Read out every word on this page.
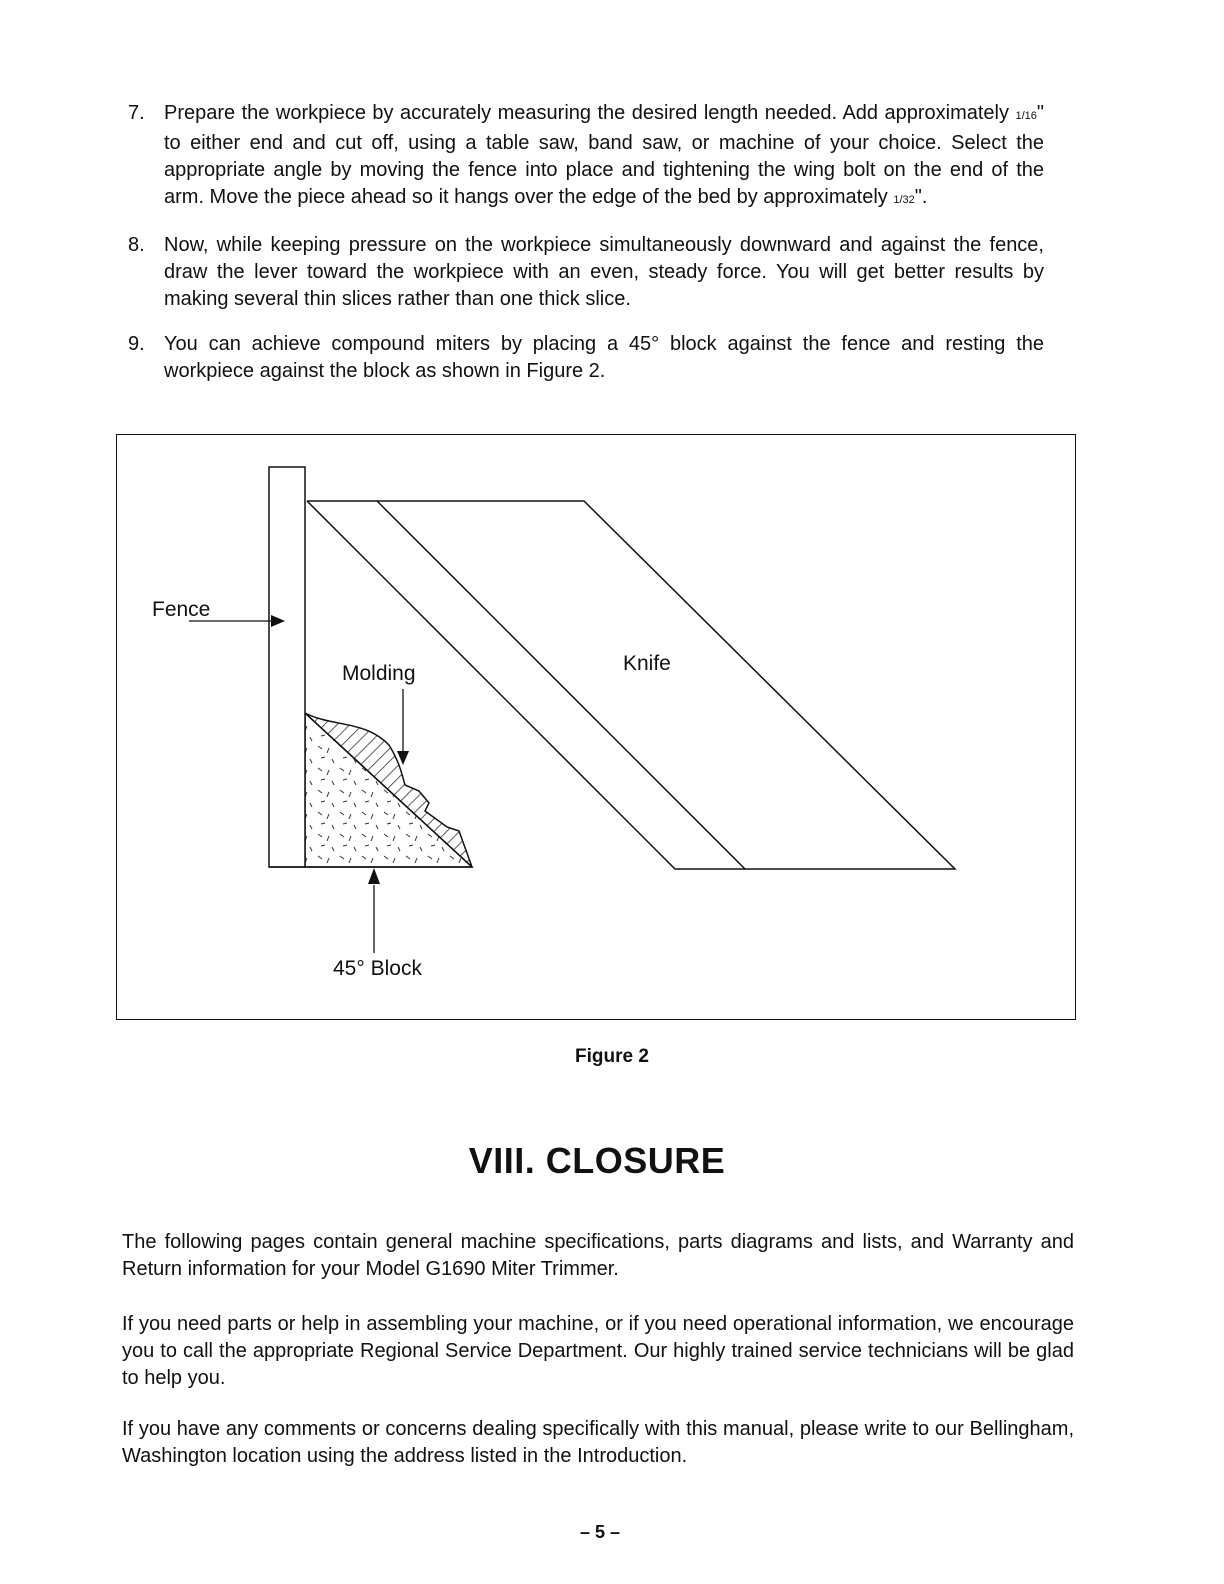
7. Prepare the workpiece by accurately measuring the desired length needed. Add approximately 1/16" to either end and cut off, using a table saw, band saw, or machine of your choice. Select the appropriate angle by moving the fence into place and tightening the wing bolt on the end of the arm. Move the piece ahead so it hangs over the edge of the bed by approximately 1/32".
8. Now, while keeping pressure on the workpiece simultaneously downward and against the fence, draw the lever toward the workpiece with an even, steady force. You will get better results by making several thin slices rather than one thick slice.
9. You can achieve compound miters by placing a 45° block against the fence and resting the workpiece against the block as shown in Figure 2.
Fence
Molding	Knife
45° Block
Figure 2
VIII. CLOSURE

The following pages contain general machine specifications, parts diagrams and lists, and Warranty and Return information for your Model G1690 Miter Trimmer.

If you need parts or help in assembling your machine, or if you need operational information, we encourage you to call the appropriate Regional Service Department. Our highly trained service technicians will be glad to help you.

If you have any comments or concerns dealing specifically with this manual, please write to our Bellingham, Washington location using the address listed in the Introduction.

– 5 –
